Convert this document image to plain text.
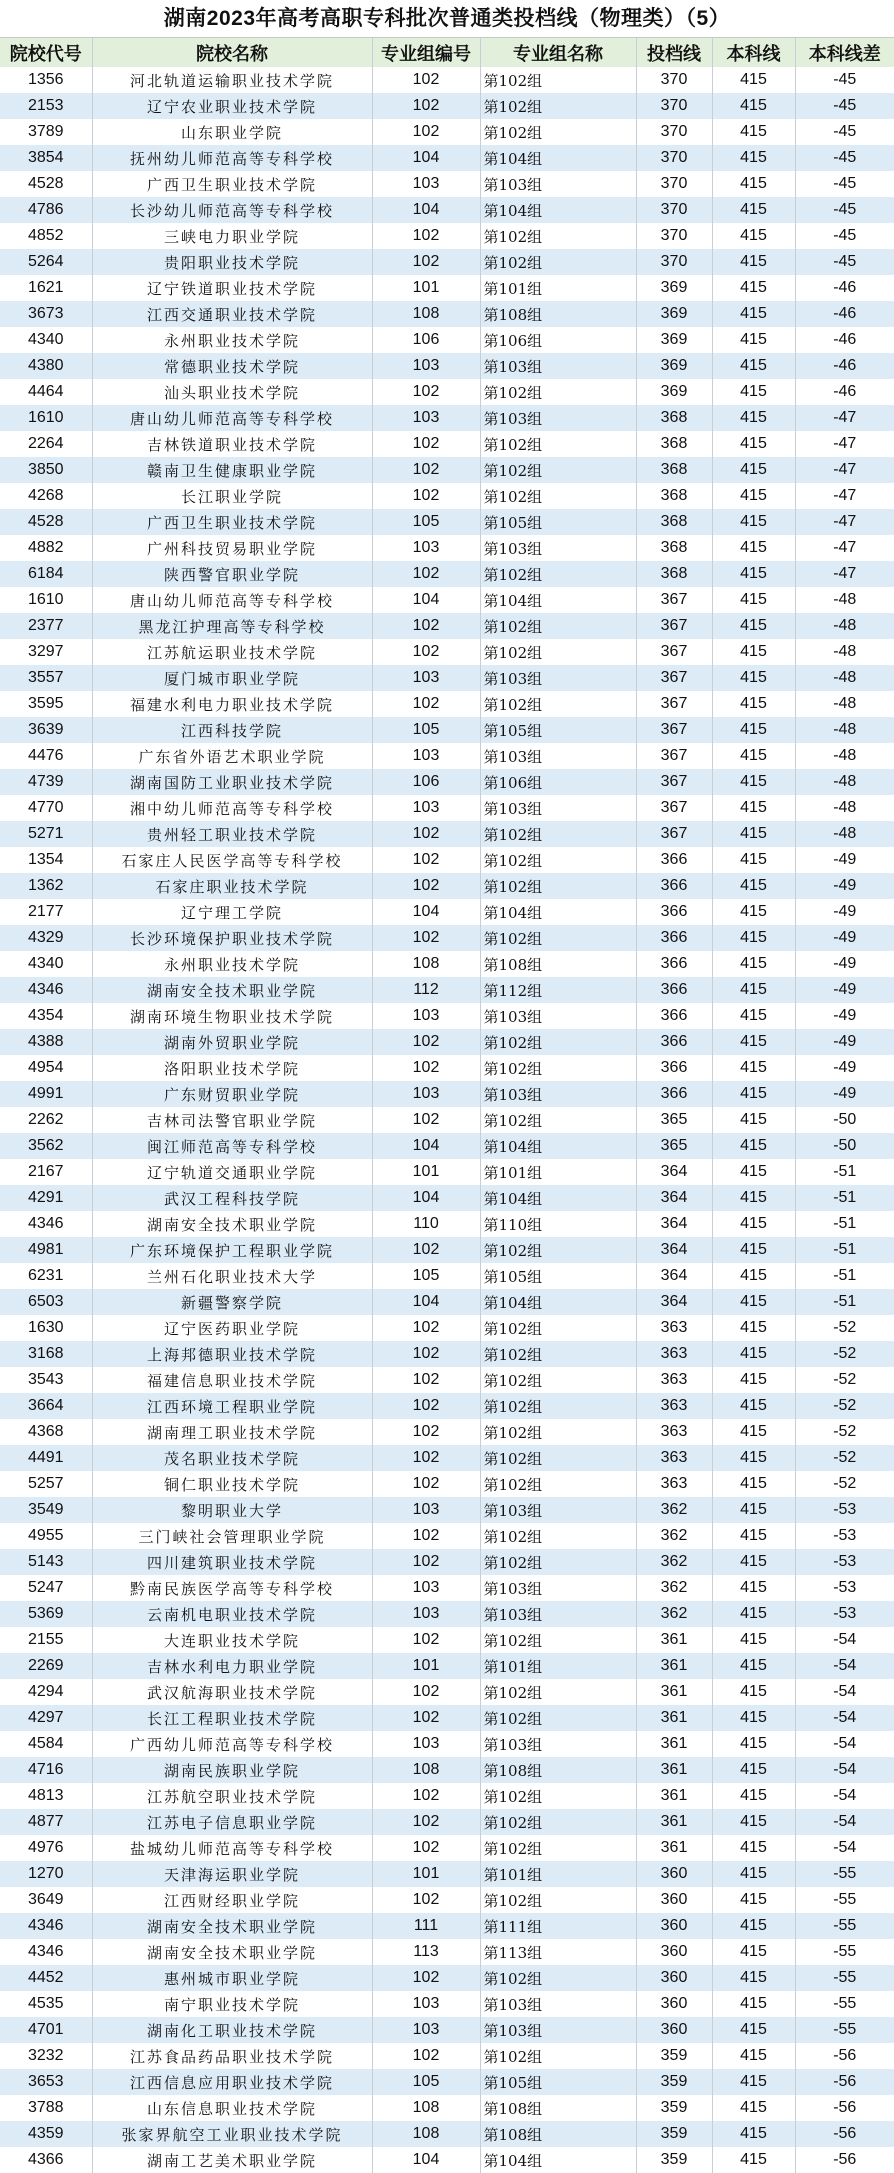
湖南2023年高考高职专科批次普通类投档线（物理类）（5）
院校代号	院校名称	专业组编号	专业组名称	投档线	本科线	本科线差
1356	河北轨道运输职业技术学院	102	第102组	370	415	-45
2153	辽宁农业职业技术学院	102	第102组	370	415	-45
3789	山东职业学院	102	第102组	370	415	-45
3854	抚州幼儿师范高等专科学校	104	第104组	370	415	-45
4528	广西卫生职业技术学院	103	第103组	370	415	-45
4786	长沙幼儿师范高等专科学校	104	第104组	370	415	-45
4852	三峡电力职业学院	102	第102组	370	415	-45
5264	贵阳职业技术学院	102	第102组	370	415	-45
1621	辽宁铁道职业技术学院	101	第101组	369	415	-46
3673	江西交通职业技术学院	108	第108组	369	415	-46
4340	永州职业技术学院	106	第106组	369	415	-46
4380	常德职业技术学院	103	第103组	369	415	-46
4464	汕头职业技术学院	102	第102组	369	415	-46
1610	唐山幼儿师范高等专科学校	103	第103组	368	415	-47
2264	吉林铁道职业技术学院	102	第102组	368	415	-47
3850	赣南卫生健康职业学院	102	第102组	368	415	-47
4268	长江职业学院	102	第102组	368	415	-47
4528	广西卫生职业技术学院	105	第105组	368	415	-47
4882	广州科技贸易职业学院	103	第103组	368	415	-47
6184	陕西警官职业学院	102	第102组	368	415	-47
1610	唐山幼儿师范高等专科学校	104	第104组	367	415	-48
2377	黑龙江护理高等专科学校	102	第102组	367	415	-48
3297	江苏航运职业技术学院	102	第102组	367	415	-48
3557	厦门城市职业学院	103	第103组	367	415	-48
3595	福建水利电力职业技术学院	102	第102组	367	415	-48
3639	江西科技学院	105	第105组	367	415	-48
4476	广东省外语艺术职业学院	103	第103组	367	415	-48
4739	湖南国防工业职业技术学院	106	第106组	367	415	-48
4770	湘中幼儿师范高等专科学校	103	第103组	367	415	-48
5271	贵州轻工职业技术学院	102	第102组	367	415	-48
1354	石家庄人民医学高等专科学校	102	第102组	366	415	-49
1362	石家庄职业技术学院	102	第102组	366	415	-49
2177	辽宁理工学院	104	第104组	366	415	-49
4329	长沙环境保护职业技术学院	102	第102组	366	415	-49
4340	永州职业技术学院	108	第108组	366	415	-49
4346	湖南安全技术职业学院	112	第112组	366	415	-49
4354	湖南环境生物职业技术学院	103	第103组	366	415	-49
4388	湖南外贸职业学院	102	第102组	366	415	-49
4954	洛阳职业技术学院	102	第102组	366	415	-49
4991	广东财贸职业学院	103	第103组	366	415	-49
2262	吉林司法警官职业学院	102	第102组	365	415	-50
3562	闽江师范高等专科学校	104	第104组	365	415	-50
2167	辽宁轨道交通职业学院	101	第101组	364	415	-51
4291	武汉工程科技学院	104	第104组	364	415	-51
4346	湖南安全技术职业学院	110	第110组	364	415	-51
4981	广东环境保护工程职业学院	102	第102组	364	415	-51
6231	兰州石化职业技术大学	105	第105组	364	415	-51
6503	新疆警察学院	104	第104组	364	415	-51
1630	辽宁医药职业学院	102	第102组	363	415	-52
3168	上海邦德职业技术学院	102	第102组	363	415	-52
3543	福建信息职业技术学院	102	第102组	363	415	-52
3664	江西环境工程职业学院	102	第102组	363	415	-52
4368	湖南理工职业技术学院	102	第102组	363	415	-52
4491	茂名职业技术学院	102	第102组	363	415	-52
5257	铜仁职业技术学院	102	第102组	363	415	-52
3549	黎明职业大学	103	第103组	362	415	-53
4955	三门峡社会管理职业学院	102	第102组	362	415	-53
5143	四川建筑职业技术学院	102	第102组	362	415	-53
5247	黔南民族医学高等专科学校	103	第103组	362	415	-53
5369	云南机电职业技术学院	103	第103组	362	415	-53
2155	大连职业技术学院	102	第102组	361	415	-54
2269	吉林水利电力职业学院	101	第101组	361	415	-54
4294	武汉航海职业技术学院	102	第102组	361	415	-54
4297	长江工程职业技术学院	102	第102组	361	415	-54
4584	广西幼儿师范高等专科学校	103	第103组	361	415	-54
4716	湖南民族职业学院	108	第108组	361	415	-54
4813	江苏航空职业技术学院	102	第102组	361	415	-54
4877	江苏电子信息职业学院	102	第102组	361	415	-54
4976	盐城幼儿师范高等专科学校	102	第102组	361	415	-54
1270	天津海运职业学院	101	第101组	360	415	-55
3649	江西财经职业学院	102	第102组	360	415	-55
4346	湖南安全技术职业学院	111	第111组	360	415	-55
4346	湖南安全技术职业学院	113	第113组	360	415	-55
4452	惠州城市职业学院	102	第102组	360	415	-55
4535	南宁职业技术学院	103	第103组	360	415	-55
4701	湖南化工职业技术学院	103	第103组	360	415	-55
3232	江苏食品药品职业技术学院	102	第102组	359	415	-56
3653	江西信息应用职业技术学院	105	第105组	359	415	-56
3788	山东信息职业技术学院	108	第108组	359	415	-56
4359	张家界航空工业职业技术学院	108	第108组	359	415	-56
4366	湖南工艺美术职业学院	104	第104组	359	415	-56
